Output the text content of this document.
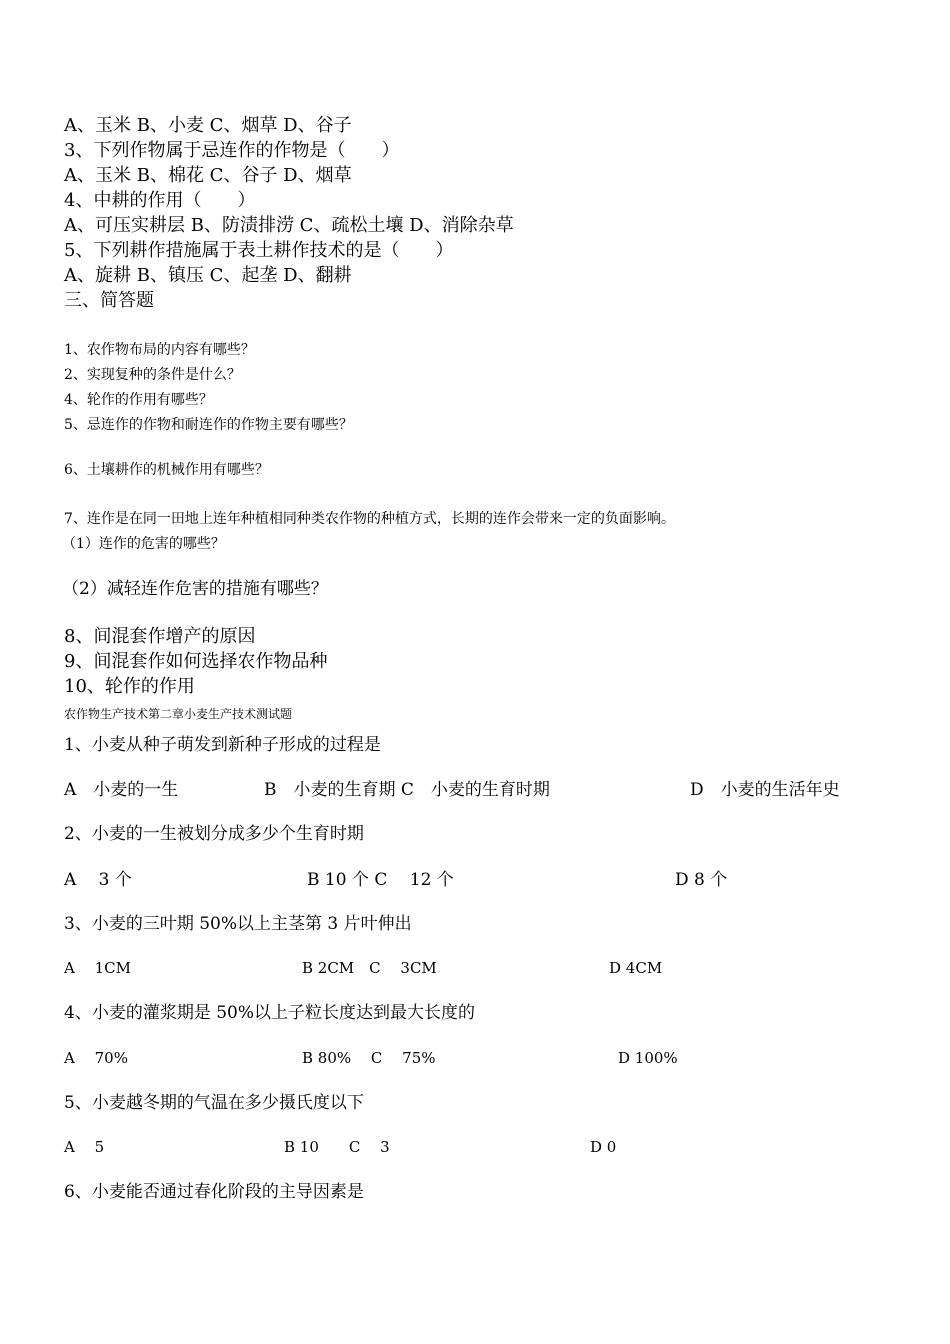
A、玉米 B、小麦 C、烟草 D、谷子
3、下列作物属于忌连作的作物是（　　）
A、玉米 B、棉花 C、谷子 D、烟草
4、中耕的作用（　　）
A、可压实耕层 B、防渍排涝 C、疏松土壤 D、消除杂草
5、下列耕作措施属于表土耕作技术的是（　　）
A、旋耕 B、镇压 C、起垄 D、翻耕
三、简答题
1、农作物布局的内容有哪些？
2、实现复种的条件是什么？
4、轮作的作用有哪些？
5、忌连作的作物和耐连作的作物主要有哪些？
6、土壤耕作的机械作用有哪些？
7、连作是在同一田地上连年种植相同种类农作物的种植方式，长期的连作会带来一定的负面影响。
（1）连作的危害的哪些？
（2）减轻连作危害的措施有哪些？
8、间混套作增产的原因
9、间混套作如何选择农作物品种
10、轮作的作用
农作物生产技术第二章小麦生产技术测试题
1、小麦从种子萌发到新种子形成的过程是
A　小麦的一生	B　小麦的生育期 C　小麦的生育时期	D　小麦的生活年史
2、小麦的一生被划分成多少个生育时期
A　 3 个	B 10 个 C　 12 个	D 8 个
3、小麦的三叶期 50%以上主茎第 3 片叶伸出
A　 1CM	B 2CM　C　 3CM	D 4CM
4、小麦的灌浆期是 50%以上子粒长度达到最大长度的
A　 70%	B 80%　 C　 75%	D 100%
5、小麦越冬期的气温在多少摄氏度以下
A　 5	B 10　　C　 3	D 0
6、小麦能否通过春化阶段的主导因素是
